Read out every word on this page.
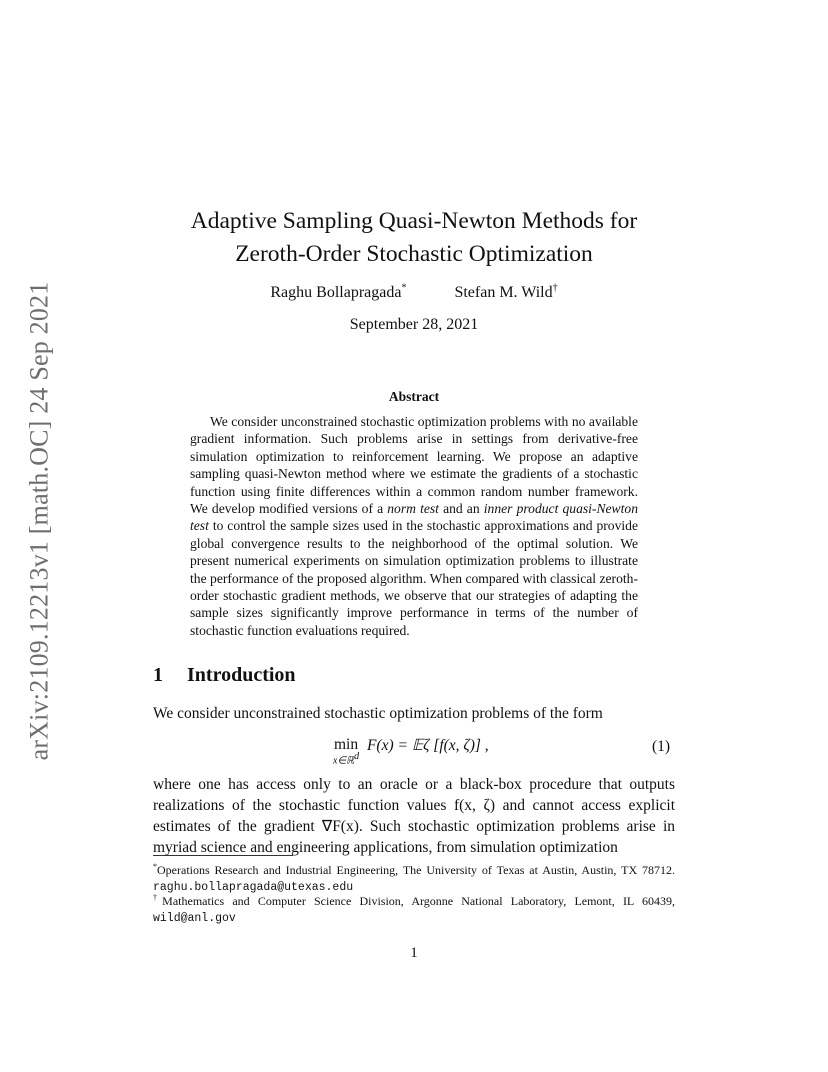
arXiv:2109.12213v1 [math.OC] 24 Sep 2021
Adaptive Sampling Quasi-Newton Methods for
Zeroth-Order Stochastic Optimization
Raghu Bollapragada*	Stefan M. Wild†
September 28, 2021
Abstract

We consider unconstrained stochastic optimization problems with no available gradient information. Such problems arise in settings from derivative-free simulation optimization to reinforcement learning. We propose an adaptive sampling quasi-Newton method where we estimate the gradients of a stochastic function using finite differences within a common random number framework. We develop modified versions of a norm test and an inner product quasi-Newton test to control the sample sizes used in the stochastic approximations and provide global convergence results to the neighborhood of the optimal solution. We present numerical experiments on simulation optimization problems to illustrate the performance of the proposed algorithm. When compared with classical zeroth-order stochastic gradient methods, we observe that our strategies of adapting the sample sizes significantly improve performance in terms of the number of stochastic function evaluations required.

1 Introduction

We consider unconstrained stochastic optimization problems of the form

min
x∈ℝ$^d$
F(x) = 𝔼ζ [f(x, ζ)] ,	(1)

where one has access only to an oracle or a black-box procedure that outputs realizations of the stochastic function values f(x, ζ) and cannot access explicit estimates of the gradient ∇F(x). Such stochastic optimization problems arise in myriad science and engineering applications, from simulation optimization

*Operations Research and Industrial Engineering, The University of Texas at Austin, Austin, TX 78712. raghu.bollapragada@utexas.edu

†Mathematics and Computer Science Division, Argonne National Laboratory, Lemont, IL 60439, wild@anl.gov

1
